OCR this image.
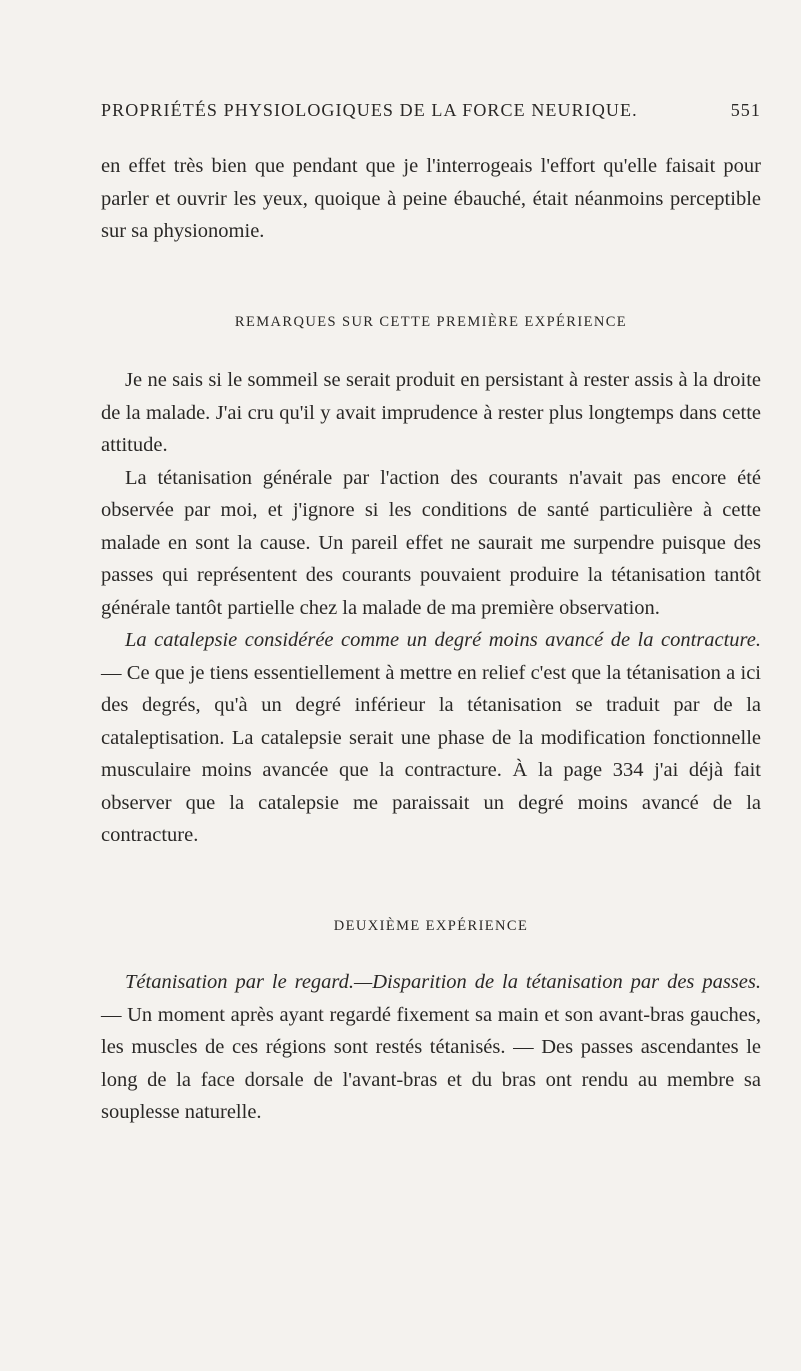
PROPRIÉTÉS PHYSIOLOGIQUES DE LA FORCE NEURIQUE.	551

en effet très bien que pendant que je l'interrogeais l'effort qu'elle faisait pour parler et ouvrir les yeux, quoique à peine ébauché, était néanmoins perceptible sur sa physionomie.

REMARQUES SUR CETTE PREMIÈRE EXPÉRIENCE

Je ne sais si le sommeil se serait produit en persistant à rester assis à la droite de la malade. J'ai cru qu'il y avait imprudence à rester plus longtemps dans cette attitude.

La tétanisation générale par l'action des courants n'avait pas encore été observée par moi, et j'ignore si les conditions de santé particulière à cette malade en sont la cause. Un pareil effet ne saurait me surpendre puisque des passes qui représentent des courants pouvaient produire la tétanisation tantôt générale tantôt partielle chez la malade de ma première observation.

La catalepsie considérée comme un degré moins avancé de la contracture. — Ce que je tiens essentiellement à mettre en relief c'est que la tétanisation a ici des degrés, qu'à un degré inférieur la tétanisation se traduit par de la cataleptisation. La catalepsie serait une phase de la modification fonctionnelle musculaire moins avancée que la contracture. À la page 334 j'ai déjà fait observer que la catalepsie me paraissait un degré moins avancé de la contracture.

DEUXIÈME EXPÉRIENCE

Tétanisation par le regard.—Disparition de la tétanisation par des passes. — Un moment après ayant regardé fixement sa main et son avant-bras gauches, les muscles de ces régions sont restés tétanisés. — Des passes ascendantes le long de la face dorsale de l'avant-bras et du bras ont rendu au membre sa souplesse naturelle.
